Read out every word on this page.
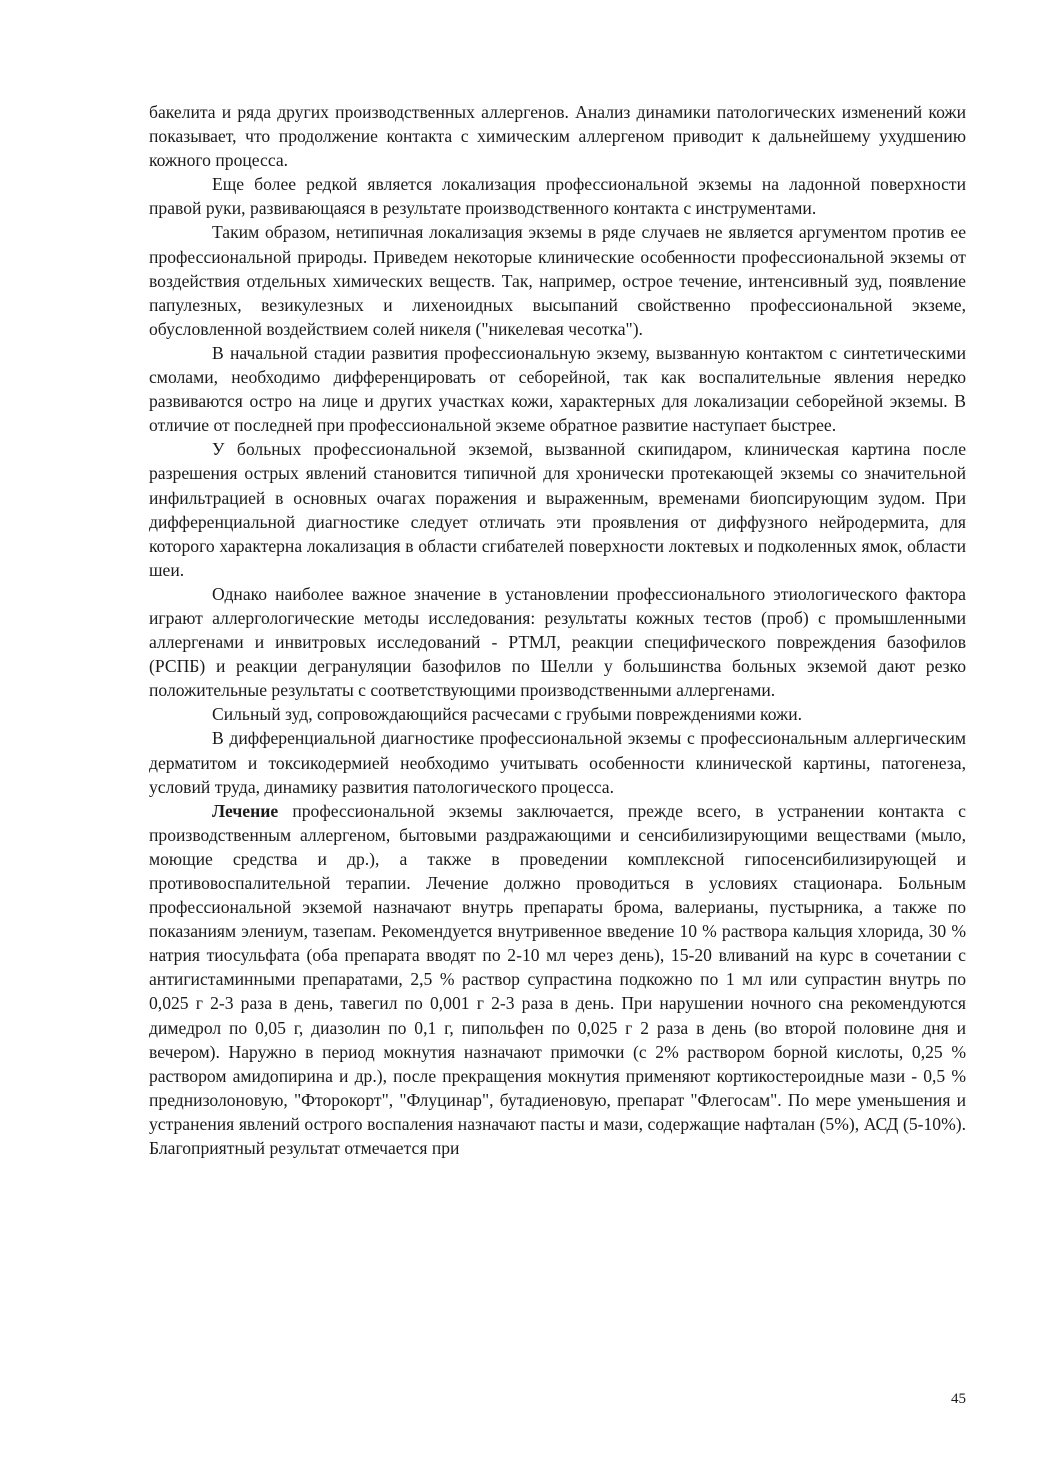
бакелита и ряда других производственных аллергенов. Анализ динамики патологических изменений кожи показывает, что продолжение контакта с химическим аллергеном приводит к дальнейшему ухудшению кожного процесса.

Еще более редкой является локализация профессиональной экземы на ладонной поверхности правой руки, развивающаяся в результате производственного контакта с инструментами.

Таким образом, нетипичная локализация экземы в ряде случаев не является аргументом против ее профессиональной природы. Приведем некоторые клинические особенности профессиональной экземы от воздействия отдельных химических веществ. Так, например, острое течение, интенсивный зуд, появление папулезных, везикулезных и лихеноидных высыпаний свойственно профессиональной экземе, обусловленной воздействием солей никеля ("никелевая чесотка").

В начальной стадии развития профессиональную экзему, вызванную контактом с синтетическими смолами, необходимо дифференцировать от себорейной, так как воспалительные явления нередко развиваются остро на лице и других участках кожи, характерных для локализации себорейной экземы. В отличие от последней при профессиональной экземе обратное развитие наступает быстрее.

У больных профессиональной экземой, вызванной скипидаром, клиническая картина после разрешения острых явлений становится типичной для хронически протекающей экземы со значительной инфильтрацией в основных очагах поражения и выраженным, временами биопсирующим зудом. При дифференциальной диагностике следует отличать эти проявления от диффузного нейродермита, для которого характерна локализация в области сгибателей поверхности локтевых и подколенных ямок, области шеи.

Однако наиболее важное значение в установлении профессионального этиологического фактора играют аллергологические методы исследования: результаты кожных тестов (проб) с промышленными аллергенами и инвитровых исследований - РТМЛ, реакции специфического повреждения базофилов (РСПБ) и реакции дегрануляции базофилов по Шелли у большинства больных экземой дают резко положительные результаты с соответствующими производственными аллергенами.

Сильный зуд, сопровождающийся расчесами с грубыми повреждениями кожи.

В дифференциальной диагностике профессиональной экземы с профессиональным аллергическим дерматитом и токсикодермией необходимо учитывать особенности клинической картины, патогенеза, условий труда, динамику развития патологического процесса.

Лечение профессиональной экземы заключается, прежде всего, в устранении контакта с производственным аллергеном, бытовыми раздражающими и сенсибилизирующими веществами (мыло, моющие средства и др.), а также в проведении комплексной гипосенсибилизирующей и противовоспалительной терапии. Лечение должно проводиться в условиях стационара. Больным профессиональной экземой назначают внутрь препараты брома, валерианы, пустырника, а также по показаниям элениум, тазепам. Рекомендуется внутривенное введение 10 % раствора кальция хлорида, 30 % натрия тиосульфата (оба препарата вводят по 2-10 мл через день), 15-20 вливаний на курс в сочетании с антигистаминными препаратами, 2,5 % раствор супрастина подкожно по 1 мл или супрастин внутрь по 0,025 г 2-3 раза в день, тавегил по 0,001 г 2-3 раза в день. При нарушении ночного сна рекомендуются димедрол по 0,05 г, диазолин по 0,1 г, пипольфен по 0,025 г 2 раза в день (во второй половине дня и вечером). Наружно в период мокнутия назначают примочки (с 2% раствором борной кислоты, 0,25 % раствором амидопирина и др.), после прекращения мокнутия применяют кортикостероидные мази - 0,5 % преднизолоновую, "Фторокорт", "Флуцинар", бутадиеновую, препарат "Флегосам". По мере уменьшения и устранения явлений острого воспаления назначают пасты и мази, содержащие нафталан (5%), АСД (5-10%). Благоприятный результат отмечается при

45
